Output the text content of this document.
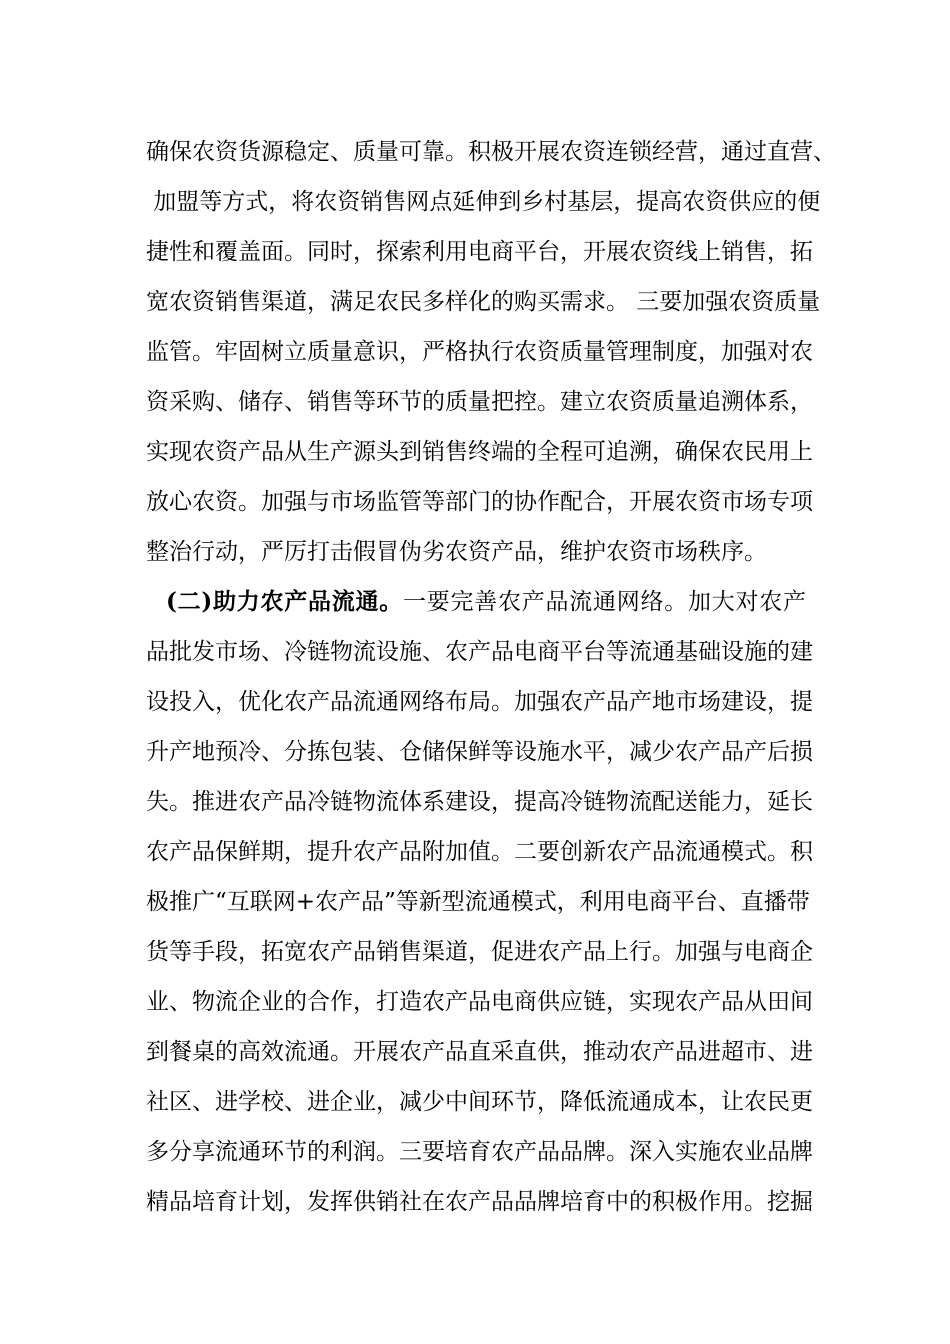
确保农资货源稳定、质量可靠。积极开展农资连锁经营，通过直营、
加盟等方式，将农资销售网点延伸到乡村基层，提高农资供应的便
捷性和覆盖面。同时，探索利用电商平台，开展农资线上销售，拓
宽农资销售渠道，满足农民多样化的购买需求。 三要加强农资质量
监管。牢固树立质量意识，严格执行农资质量管理制度，加强对农
资采购、储存、销售等环节的质量把控。建立农资质量追溯体系，
实现农资产品从生产源头到销售终端的全程可追溯，确保农民用上
放心农资。加强与市场监管等部门的协作配合，开展农资市场专项
整治行动，严厉打击假冒伪劣农资产品，维护农资市场秩序。
(二)助力农产品流通。一要完善农产品流通网络。加大对农产
品批发市场、冷链物流设施、农产品电商平台等流通基础设施的建
设投入，优化农产品流通网络布局。加强农产品产地市场建设，提
升产地预冷、分拣包装、仓储保鲜等设施水平，减少农产品产后损
失。推进农产品冷链物流体系建设，提高冷链物流配送能力，延长
农产品保鲜期，提升农产品附加值。二要创新农产品流通模式。积
极推广“互联网+农产品”等新型流通模式，利用电商平台、直播带
货等手段，拓宽农产品销售渠道，促进农产品上行。加强与电商企
业、物流企业的合作，打造农产品电商供应链，实现农产品从田间
到餐桌的高效流通。开展农产品直采直供，推动农产品进超市、进
社区、进学校、进企业，减少中间环节，降低流通成本，让农民更
多分享流通环节的利润。三要培育农产品品牌。深入实施农业品牌
精品培育计划，发挥供销社在农产品品牌培育中的积极作用。挖掘
